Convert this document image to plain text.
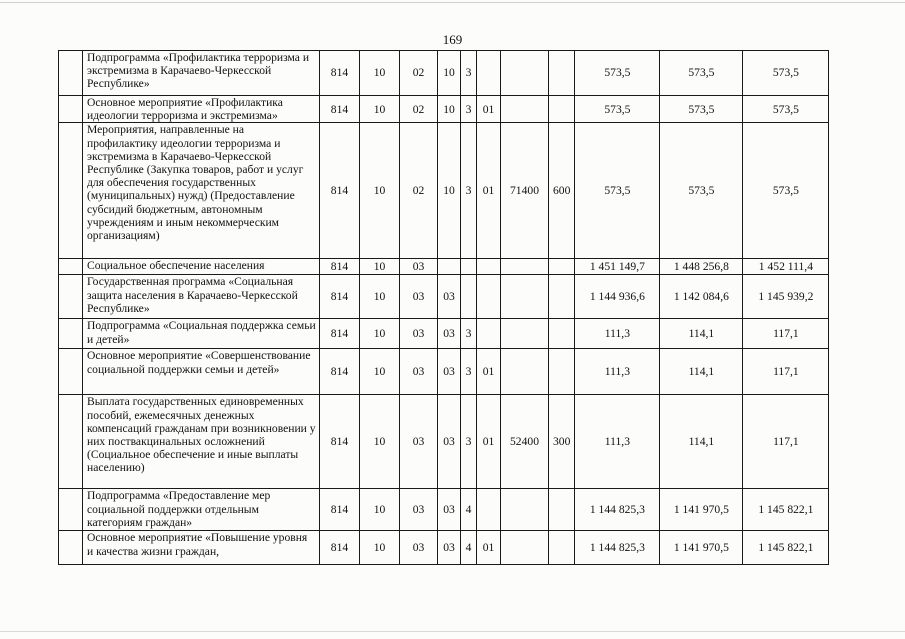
169
	Подпрограмма «Профилактика терроризма и экстремизма в Карачаево-Черкесской Республике»	814	10	02	10	3				573,5	573,5	573,5
	Основное мероприятие «Профилактика идеологии терроризма и экстремизма»	814	10	02	10	3	01			573,5	573,5	573,5
	Мероприятия, направленные на профилактику идеологии терроризма и экстремизма в Карачаево-Черкесской Республике (Закупка товаров, работ и услуг для обеспечения государственных (муниципальных) нужд) (Предоставление субсидий бюджетным, автономным учреждениям и иным некоммерческим организациям)	814	10	02	10	3	01	71400	600	573,5	573,5	573,5
	Социальное обеспечение населения	814	10	03						1 451 149,7	1 448 256,8	1 452 111,4
	Государственная программа «Социальная защита населения в Карачаево-Черкесской Республике»	814	10	03	03					1 144 936,6	1 142 084,6	1 145 939,2
	Подпрограмма «Социальная поддержка семьи и детей»	814	10	03	03	3				111,3	114,1	117,1
	Основное мероприятие «Совершенствование социальной поддержки семьи и детей»	814	10	03	03	3	01			111,3	114,1	117,1
	Выплата государственных единовременных пособий, ежемесячных денежных компенсаций гражданам при возникновении у них поствакцинальных осложнений (Социальное обеспечение и иные выплаты населению)	814	10	03	03	3	01	52400	300	111,3	114,1	117,1
	Подпрограмма «Предоставление мер социальной поддержки отдельным категориям граждан»	814	10	03	03	4				1 144 825,3	1 141 970,5	1 145 822,1
	Основное мероприятие «Повышение уровня и качества жизни граждан,	814	10	03	03	4	01			1 144 825,3	1 141 970,5	1 145 822,1
